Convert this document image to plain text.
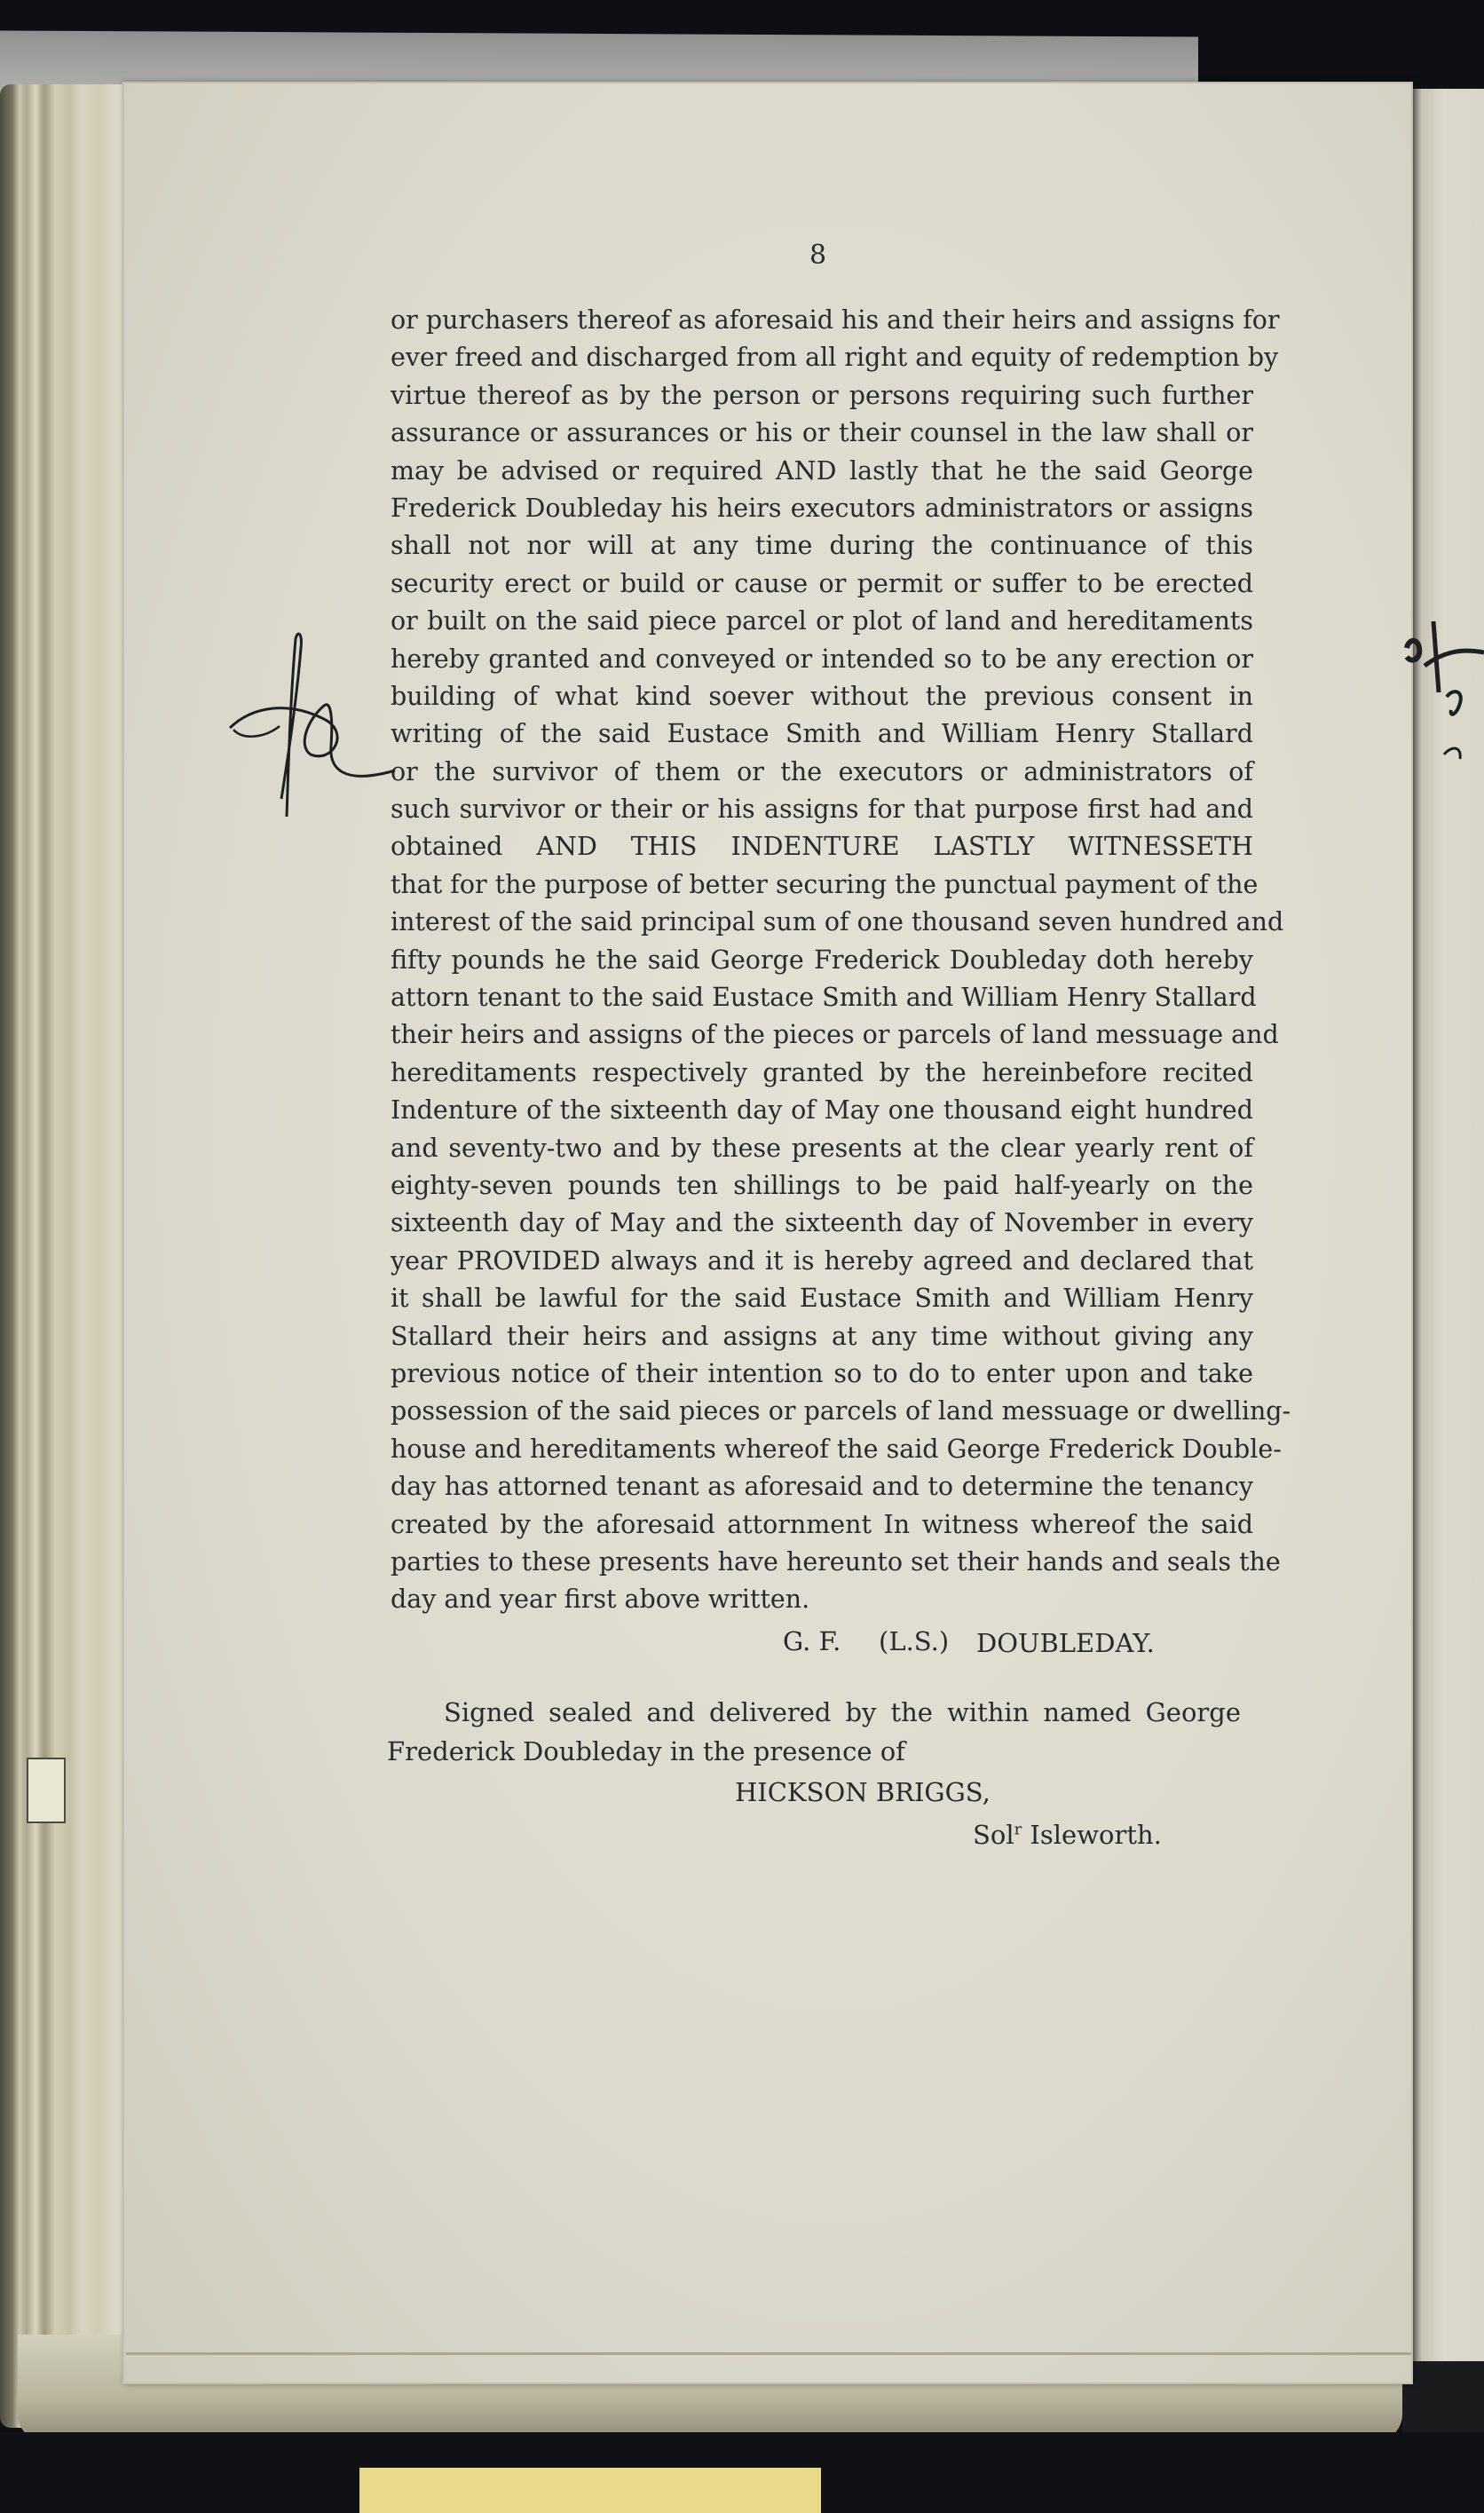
8
or purchasers thereof as aforesaid his and their heirs and assigns for
ever freed and discharged from all right and equity of redemption by
virtue thereof as by the person or persons requiring such further
assurance or assurances or his or their counsel in the law shall or
may be advised or required AND lastly that he the said George
Frederick Doubleday his heirs executors administrators or assigns
shall not nor will at any time during the continuance of this
security erect or build or cause or permit or suffer to be erected
or built on the said piece parcel or plot of land and hereditaments
hereby granted and conveyed or intended so to be any erection or
building of what kind soever without the previous consent in
writing of the said Eustace Smith and William Henry Stallard
or the survivor of them or the executors or administrators of
such survivor or their or his assigns for that purpose first had and
obtained AND THIS INDENTURE LASTLY WITNESSETH
that for the purpose of better securing the punctual payment of the
interest of the said principal sum of one thousand seven hundred and
fifty pounds he the said George Frederick Doubleday doth hereby
attorn tenant to the said Eustace Smith and William Henry Stallard
their heirs and assigns of the pieces or parcels of land messuage and
hereditaments respectively granted by the hereinbefore recited
Indenture of the sixteenth day of May one thousand eight hundred
and seventy-two and by these presents at the clear yearly rent of
eighty-seven pounds ten shillings to be paid half-yearly on the
sixteenth day of May and the sixteenth day of November in every
year PROVIDED always and it is hereby agreed and declared that
it shall be lawful for the said Eustace Smith and William Henry
Stallard their heirs and assigns at any time without giving any
previous notice of their intention so to do to enter upon and take
possession of the said pieces or parcels of land messuage or dwelling-
house and hereditaments whereof the said George Frederick Double-
day has attorned tenant as aforesaid and to determine the tenancy
created by the aforesaid attornment In witness whereof the said
parties to these presents have hereunto set their hands and seals the
day and year first above written.
G. F. (L.S.) DOUBLEDAY.
Signed sealed and delivered by the within named George
Frederick Doubleday in the presence of
HICKSON BRIGGS,
Sol$^r$ Isleworth.
